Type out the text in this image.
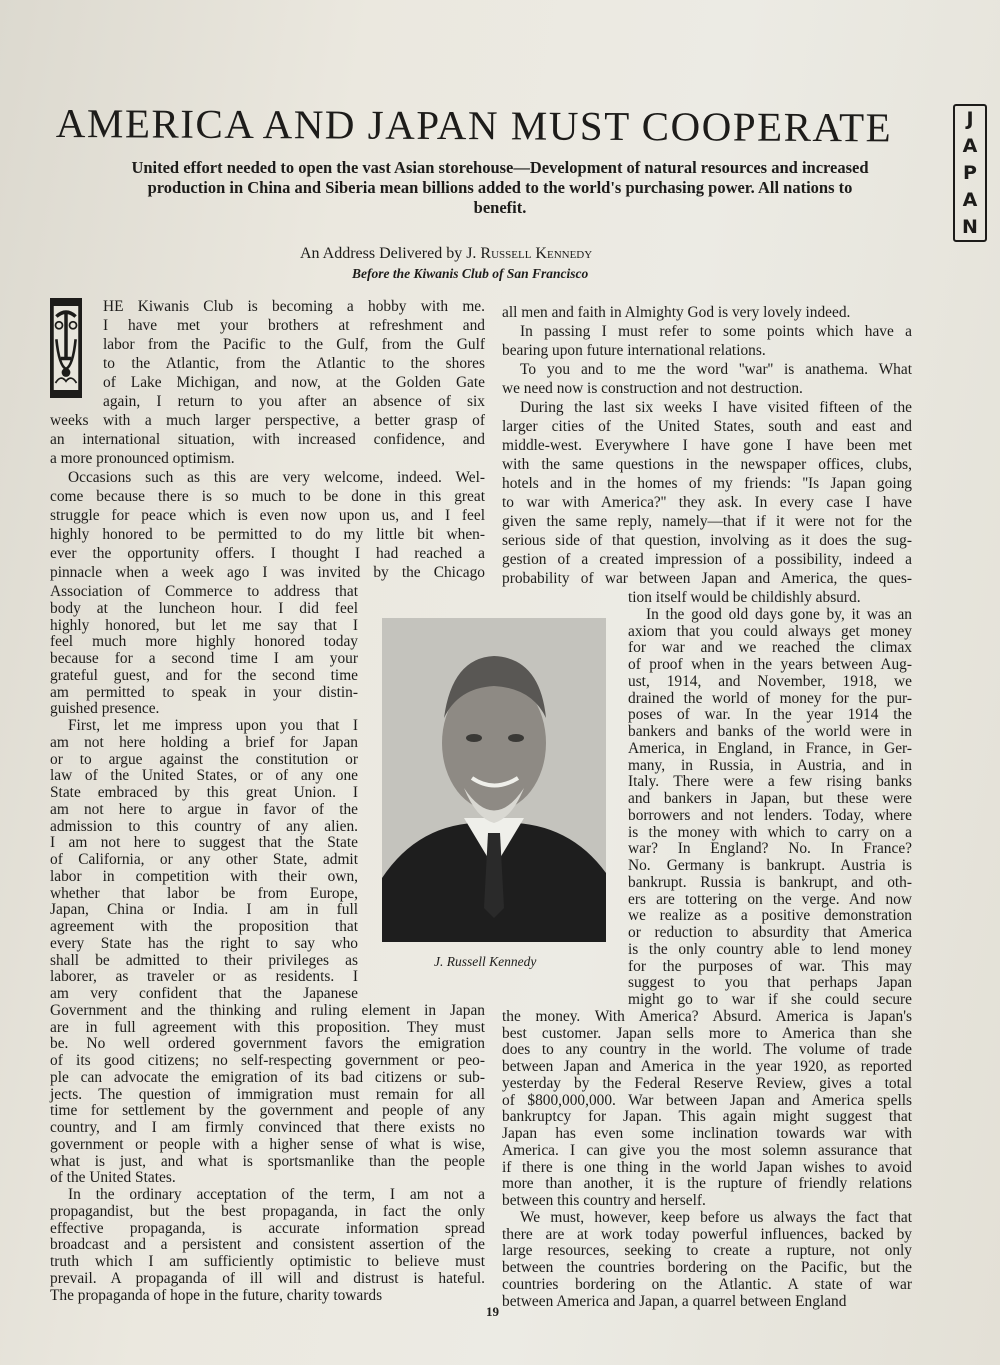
AMERICA AND JAPAN MUST COOPERATE
United effort needed to open the vast Asian storehouse—Development of natural resources and increased production in China and Siberia mean billions added to the world's purchasing power. All nations to benefit.
An Address Delivered by J. Russell Kennedy
Before the Kiwanis Club of San Francisco
J
A
P
A
N
HE Kiwanis Club is becoming a hobby with me.
I have met your brothers at refreshment and
labor from the Pacific to the Gulf, from the Gulf
to the Atlantic, from the Atlantic to the shores
of Lake Michigan, and now, at the Golden Gate
again, I return to you after an absence of six
weeks with a much larger perspective, a better grasp of
an international situation, with increased confidence, and
a more pronounced optimism.
Occasions such as this are very welcome, indeed. Wel-
come because there is so much to be done in this great
struggle for peace which is even now upon us, and I feel
highly honored to be permitted to do my little bit when-
ever the opportunity offers. I thought I had reached a
pinnacle when a week ago I was invited by the Chicago
Association of Commerce to address that
body at the luncheon hour. I did feel
highly honored, but let me say that I
feel much more highly honored today
because for a second time I am your
grateful guest, and for the second time
am permitted to speak in your distin-
guished presence.
First, let me impress upon you that I
am not here holding a brief for Japan
or to argue against the constitution or
law of the United States, or of any one
State embraced by this great Union. I
am not here to argue in favor of the
admission to this country of any alien.
I am not here to suggest that the State
of California, or any other State, admit
labor in competition with their own,
whether that labor be from Europe,
Japan, China or India. I am in full
agreement with the proposition that
every State has the right to say who
shall be admitted to their privileges as
laborer, as traveler or as residents. I
am very confident that the Japanese
Government and the thinking and ruling element in Japan
are in full agreement with this proposition. They must
be. No well ordered government favors the emigration
of its good citizens; no self-respecting government or peo-
ple can advocate the emigration of its bad citizens or sub-
jects. The question of immigration must remain for all
time for settlement by the government and people of any
country, and I am firmly convinced that there exists no
government or people with a higher sense of what is wise,
what is just, and what is sportsmanlike than the people
of the United States.
In the ordinary acceptation of the term, I am not a
propagandist, but the best propaganda, in fact the only
effective propaganda, is accurate information spread
broadcast and a persistent and consistent assertion of the
truth which I am sufficiently optimistic to believe must
prevail. A propaganda of ill will and distrust is hateful.
The propaganda of hope in the future, charity towards
all men and faith in Almighty God is very lovely indeed.
In passing I must refer to some points which have a
bearing upon future international relations.
To you and to me the word ''war'' is anathema. What
we need now is construction and not destruction.
During the last six weeks I have visited fifteen of the
larger cities of the United States, south and east and
middle-west. Everywhere I have gone I have been met
with the same questions in the newspaper offices, clubs,
hotels and in the homes of my friends: ''Is Japan going
to war with America?'' they ask. In every case I have
given the same reply, namely—that if it were not for the
serious side of that question, involving as it does the sug-
gestion of a created impression of a possibility, indeed a
probability of war between Japan and America, the ques-
tion itself would be childishly absurd.
In the good old days gone by, it was an
axiom that you could always get money
for war and we reached the climax
of proof when in the years between Aug-
ust, 1914, and November, 1918, we
drained the world of money for the pur-
poses of war. In the year 1914 the
bankers and banks of the world were in
America, in England, in France, in Ger-
many, in Russia, in Austria, and in
Italy. There were a few rising banks
and bankers in Japan, but these were
borrowers and not lenders. Today, where
is the money with which to carry on a
war? In England? No. In France?
No. Germany is bankrupt. Austria is
bankrupt. Russia is bankrupt, and oth-
ers are tottering on the verge. And now
we realize as a positive demonstration
or reduction to absurdity that America
is the only country able to lend money
for the purposes of war. This may
suggest to you that perhaps Japan
might go to war if she could secure
the money. With America? Absurd. America is Japan's
best customer. Japan sells more to America than she
does to any country in the world. The volume of trade
between Japan and America in the year 1920, as reported
yesterday by the Federal Reserve Review, gives a total
of $800,000,000. War between Japan and America spells
bankruptcy for Japan. This again might suggest that
Japan has even some inclination towards war with
America. I can give you the most solemn assurance that
if there is one thing in the world Japan wishes to avoid
more than another, it is the rupture of friendly relations
between this country and herself.
We must, however, keep before us always the fact that
there are at work today powerful influences, backed by
large resources, seeking to create a rupture, not only
between the countries bordering on the Pacific, but the
countries bordering on the Atlantic. A state of war
between America and Japan, a quarrel between England
J. Russell Kennedy
19
